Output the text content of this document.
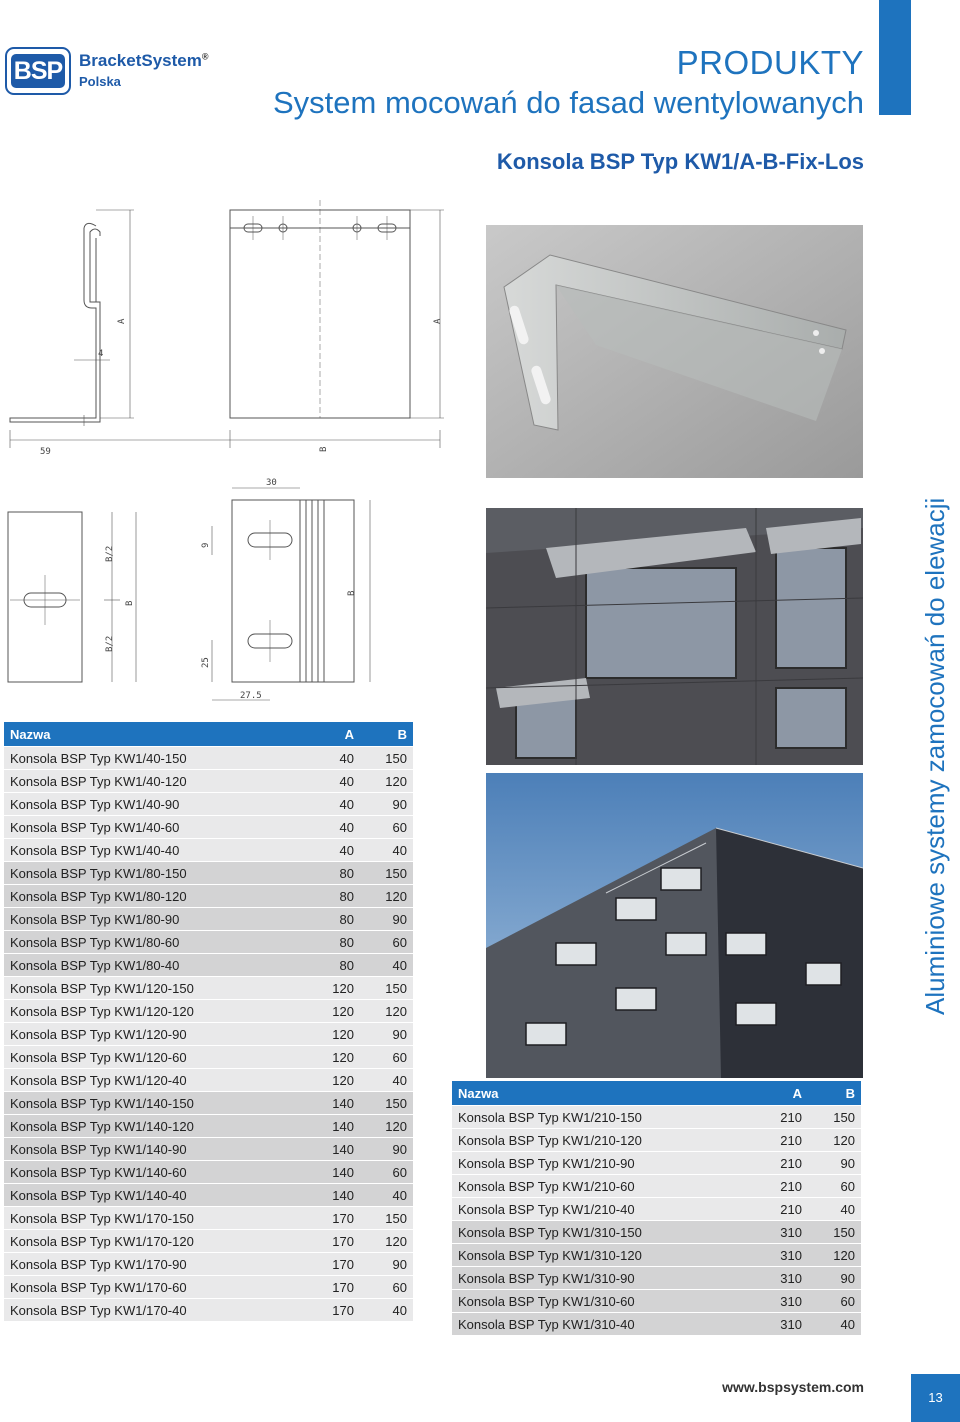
BSP BracketSystem®
Polska
PRODUKTY
System mocowań do fasad wentylowanych
Konsola BSP Typ KW1/A-B-Fix-Los
Aluminiowe systemy zamocowań do elewacji
13
A
4
59	B
A
B/2
B
B/2
30
9
25
27.5
B
Nazwa	A	B
Konsola BSP Typ KW1/40-150	40	150
Konsola BSP Typ KW1/40-120	40	120
Konsola BSP Typ KW1/40-90	40	90
Konsola BSP Typ KW1/40-60	40	60
Konsola BSP Typ KW1/40-40	40	40
Konsola BSP Typ KW1/80-150	80	150
Konsola BSP Typ KW1/80-120	80	120
Konsola BSP Typ KW1/80-90	80	90
Konsola BSP Typ KW1/80-60	80	60
Konsola BSP Typ KW1/80-40	80	40
Konsola BSP Typ KW1/120-150	120	150
Konsola BSP Typ KW1/120-120	120	120
Konsola BSP Typ KW1/120-90	120	90
Konsola BSP Typ KW1/120-60	120	60
Konsola BSP Typ KW1/120-40	120	40
Konsola BSP Typ KW1/140-150	140	150
Konsola BSP Typ KW1/140-120	140	120
Konsola BSP Typ KW1/140-90	140	90
Konsola BSP Typ KW1/140-60	140	60
Konsola BSP Typ KW1/140-40	140	40
Konsola BSP Typ KW1/170-150	170	150
Konsola BSP Typ KW1/170-120	170	120
Konsola BSP Typ KW1/170-90	170	90
Konsola BSP Typ KW1/170-60	170	60
Konsola BSP Typ KW1/170-40	170	40
Nazwa	A	B
Konsola BSP Typ KW1/210-150	210	150
Konsola BSP Typ KW1/210-120	210	120
Konsola BSP Typ KW1/210-90	210	90
Konsola BSP Typ KW1/210-60	210	60
Konsola BSP Typ KW1/210-40	210	40
Konsola BSP Typ KW1/310-150	310	150
Konsola BSP Typ KW1/310-120	310	120
Konsola BSP Typ KW1/310-90	310	90
Konsola BSP Typ KW1/310-60	310	60
Konsola BSP Typ KW1/310-40	310	40
www.bspsystem.com
